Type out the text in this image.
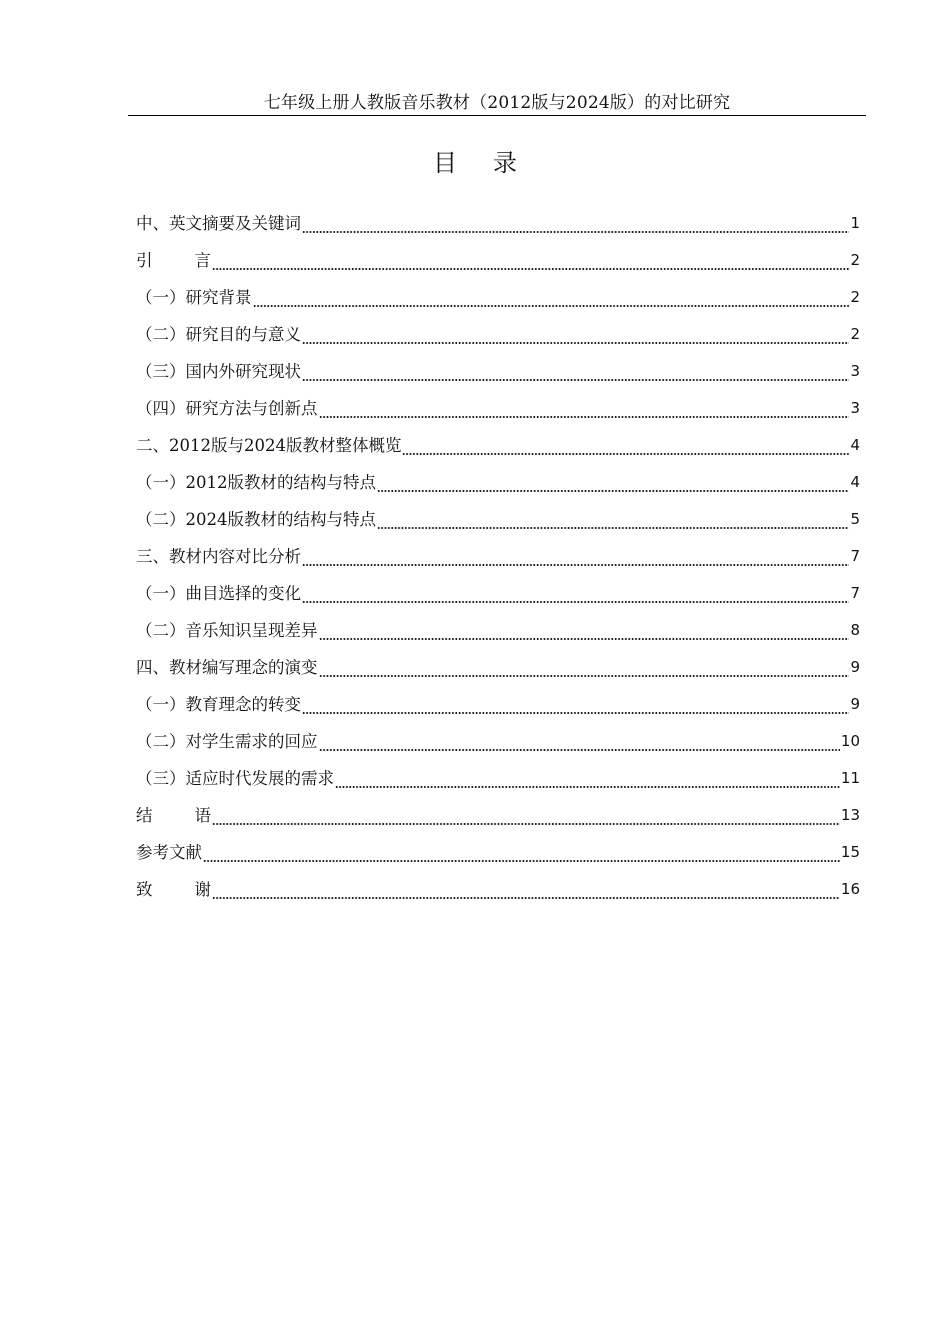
七年级上册人教版音乐教材（2012版与2024版）的对比研究
目 录
中、英文摘要及关键词	1
引	言	2
（一）研究背景	2
（二）研究目的与意义	2
（三）国内外研究现状	3
（四）研究方法与创新点	3
二、2012版与2024版教材整体概览	4
（一）2012版教材的结构与特点	4
（二）2024版教材的结构与特点	5
三、教材内容对比分析	7
（一）曲目选择的变化	7
（二）音乐知识呈现差异	8
四、教材编写理念的演变	9
（一）教育理念的转变	9
（二）对学生需求的回应	10
（三）适应时代发展的需求	11
结	语	13
参考文献	15
致	谢	16
